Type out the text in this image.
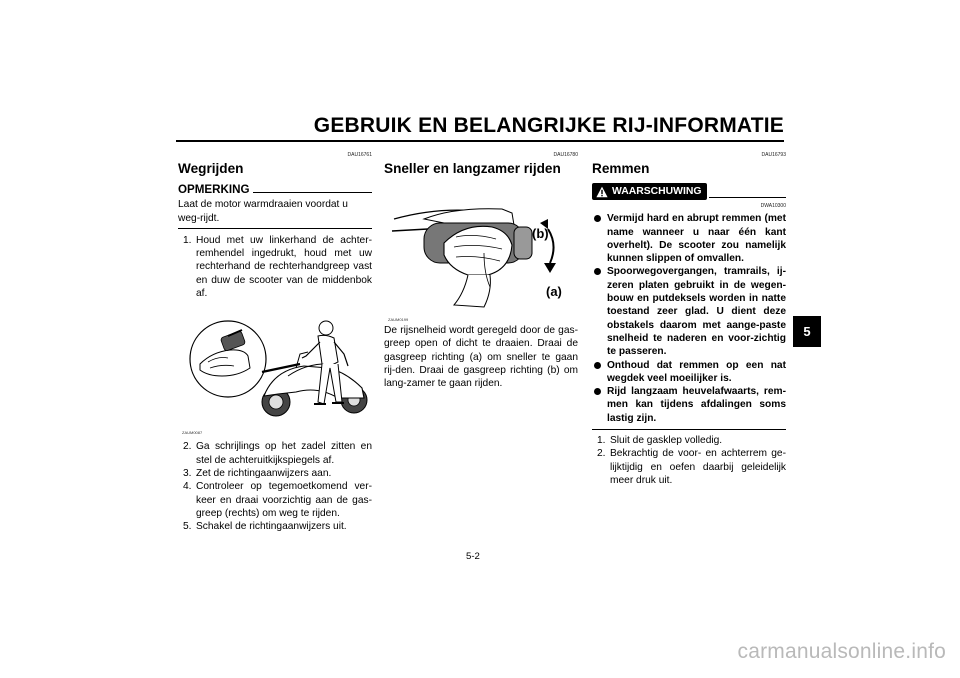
GEBRUIK EN BELANGRIJKE RIJ-INFORMATIE
5
DAU16761
Wegrijden
OPMERKING
Laat de motor warmdraaien voordat u weg-rijdt.
1. Houd met uw linkerhand de achter-remhendel ingedrukt, houd met uw rechterhand de rechterhandgreep vast en duw de scooter van de middenbok af.
ZAUM0087
2. Ga schrijlings op het zadel zitten en stel de achteruitkijkspiegels af.
3. Zet de richtingaanwijzers aan.
4. Controleer op tegemoetkomend ver-keer en draai voorzichtig aan de gas-greep (rechts) om weg te rijden.
5. Schakel de richtingaanwijzers uit.
DAU16780
Sneller en langzamer rijden
(b)
(a)
ZAUM0199

De rijsnelheid wordt geregeld door de gas-greep open of dicht te draaien. Draai de gasgreep richting (a) om sneller te gaan rij-den. Draai de gasgreep richting (b) om lang-zamer te gaan rijden.

DAU16793
Remmen
WAARSCHUWING
DWA10300
Vermijd hard en abrupt remmen (met name wanneer u naar één kant overhelt). De scooter zou namelijk kunnen slippen of omvallen.
Spoorwegovergangen, tramrails, ij-zeren platen gebruikt in de wegen-bouw en putdeksels worden in natte toestand zeer glad. U dient deze obstakels daarom met aange-paste snelheid te naderen en voor-zichtig te passeren.
Onthoud dat remmen op een nat wegdek veel moeilijker is.
Rijd langzaam heuvelafwaarts, rem-men kan tijdens afdalingen soms lastig zijn.
1. Sluit de gasklep volledig.
2. Bekrachtig de voor- en achterrem ge-lijktijdig en oefen daarbij geleidelijk meer druk uit.
5-2
carmanualsonline.info
